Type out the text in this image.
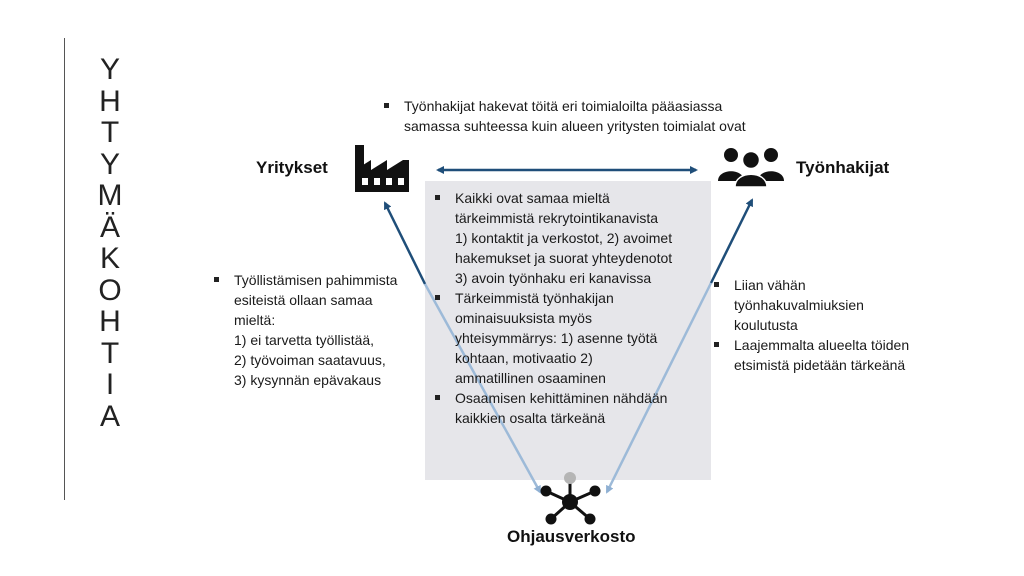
Y
H
T
Y
M
Ä
K
O
H
T
I
A
Työnhakijat hakevat töitä eri toimialoilta pääasiassa
samassa suhteessa kuin alueen yritysten toimialat ovat
Yritykset	Työnhakijat
Ohjausverkosto
Työllistämisen pahimmista
esiteistä ollaan samaa
mieltä:
1) ei tarvetta työllistää,
2) työvoiman saatavuus,
3) kysynnän epävakaus
Liian vähän
työnhakuvalmiuksien
koulutusta
Laajemmalta alueelta töiden
etsimistä pidetään tärkeänä
Kaikki ovat samaa mieltä
tärkeimmistä rekrytointikanavista
1) kontaktit ja verkostot, 2) avoimet
hakemukset ja suorat yhteydenotot
3) avoin työnhaku eri kanavissa
Tärkeimmistä työnhakijan
ominaisuuksista myös
yhteisymmärrys: 1) asenne työtä
kohtaan, motivaatio 2)
ammatillinen osaaminen
Osaamisen kehittäminen nähdään
kaikkien osalta tärkeänä
